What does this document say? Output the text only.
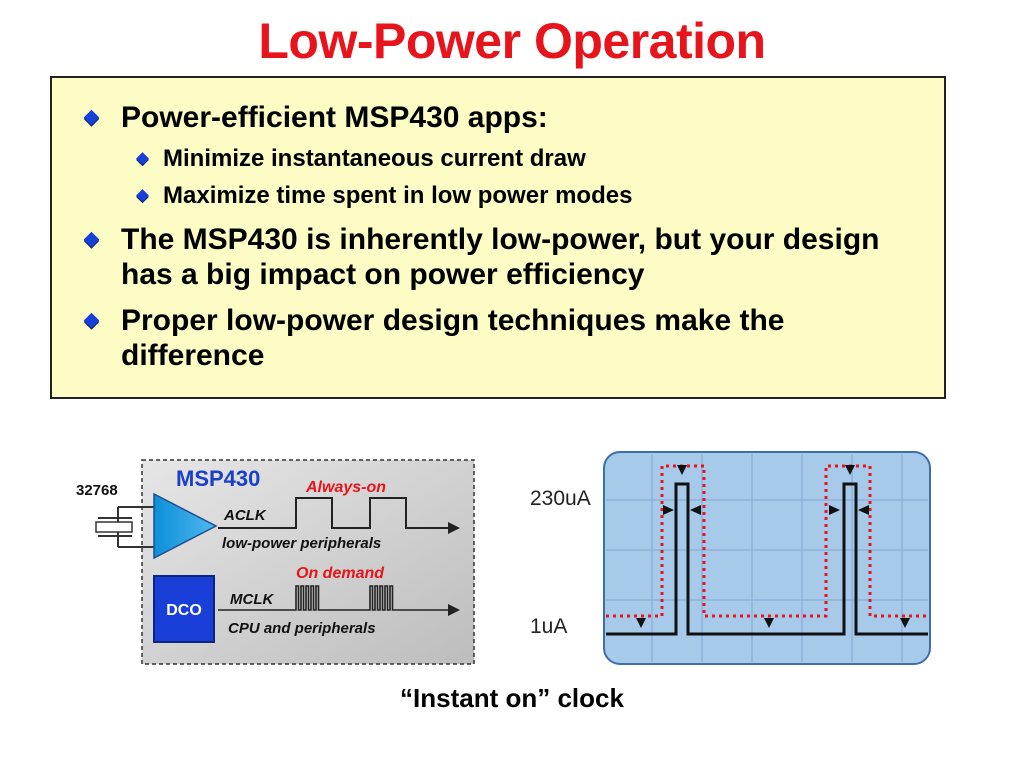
Low-Power Operation
Power-efficient MSP430 apps:
Minimize instantaneous current draw
Maximize time spent in low power modes
The MSP430 is inherently low-power, but your design has a big impact on power efficiency
Proper low-power design techniques make the difference
32768	MSP430	Always-on
ACLK
low-power peripherals
DCO
On demand
MCLK
CPU and peripherals
230uA
1uA
“Instant on” clock
